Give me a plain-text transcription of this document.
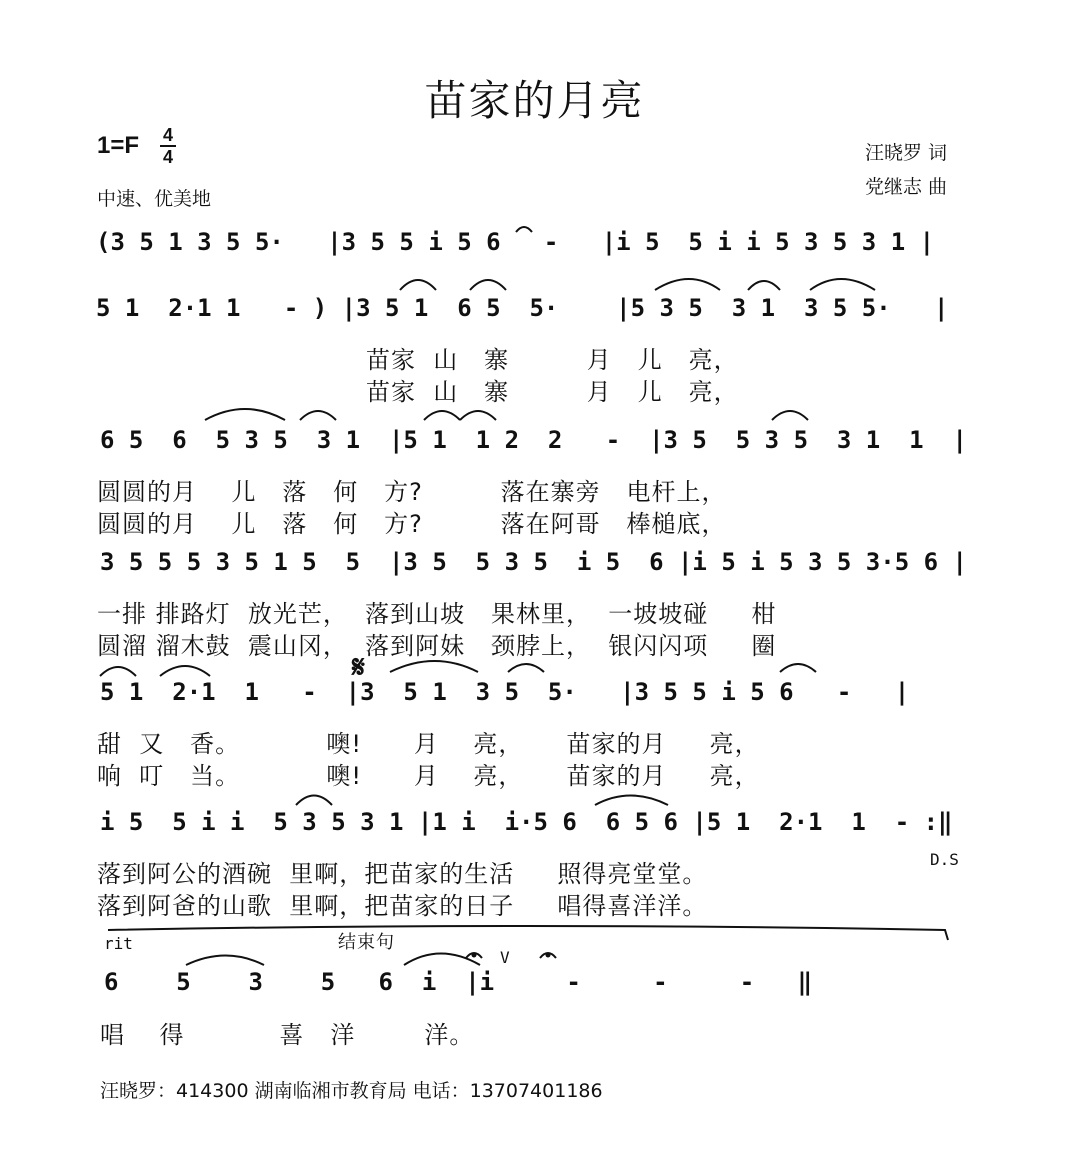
苗家的月亮
1=F 4
4
中速、优美地
汪晓罗 词
党继志 曲
(3 5 1 3 5 5·   |3 5 5 i 5 6   -   |i 5  5 i i 5 3 5 3 1 |
5 1  2·1 1   - ) |3 5 1  6 5  5·    |5 3 5  3 1  3 5 5·   |
苗家  山   寨         月   儿   亮，
苗家  山   寨         月   儿   亮，
6 5  6  5 3 5  3 1  |5 1  1 2  2   -  |3 5  5 3 5  3 1  1  |
圆圆的月    儿   落   何   方?         落在寨旁   电杆上，
圆圆的月    儿   落   何   方?         落在阿哥   棒槌底，
3 5 5 5 3 5 1 5  5  |3 5  5 3 5  i 5  6 |i 5 i 5 3 5 3·5 6 |
一排 排路灯  放光芒，  落到山坡   果林里，  一坡坡碰     柑
圆溜 溜木鼓  震山冈，  落到阿妹   颈脖上，  银闪闪项     圈
𝄋
5 1  2·1  1   -  |3  5 1  3 5  5·   |3 5 5 i 5 6   -   |
甜  又   香。          噢!      月    亮，     苗家的月     亮，
响  叮   当。          噢!      月    亮，     苗家的月     亮，
i 5  5 i i  5 3 5 3 1 |1 i  i·5 6  6 5 6 |5 1  2·1  1  - :‖
D.S
落到阿公的酒碗  里啊，把苗家的生活     照得亮堂堂。
落到阿爸的山歌  里啊，把苗家的日子     唱得喜洋洋。
rit	结束句
V
6    5    3    5   6  i  |i     -     -     -   ‖
唱    得           喜   洋        洋。
汪晓罗：414300 湖南临湘市教育局 电话：13707401186
